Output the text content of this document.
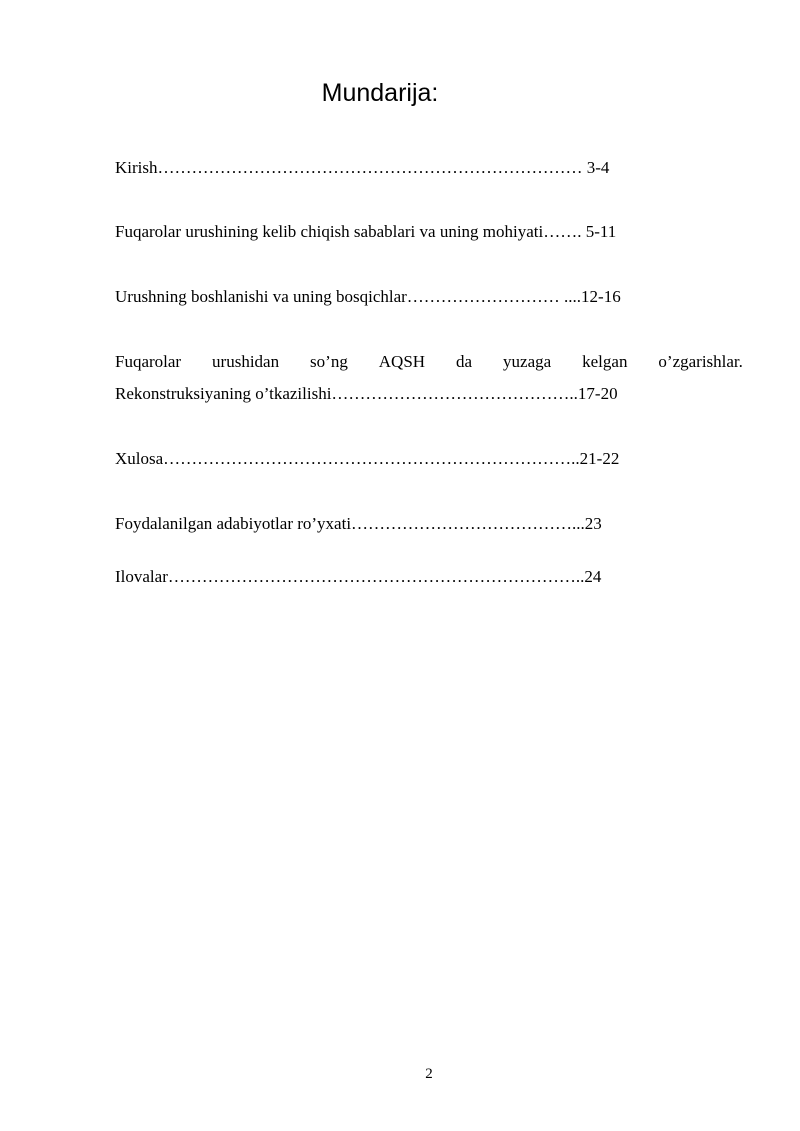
Mundarija:
Kirish………………………………………………………………… 3-4
Fuqarolar urushining kelib chiqish sabablari va uning mohiyati……. 5-11
Urushning boshlanishi va uning bosqichlar……………………… ....12-16
Fuqarolar urushidan so’ng AQSH da yuzaga kelgan o’zgarishlar.
Rekonstruksiyaning o’tkazilishi……………………………………..17-20
Xulosa………………………………………………………………..21-22
Foydalanilgan adabiyotlar ro’yxati…………………………………...23
Ilovalar………………………………………………………………..24
2
